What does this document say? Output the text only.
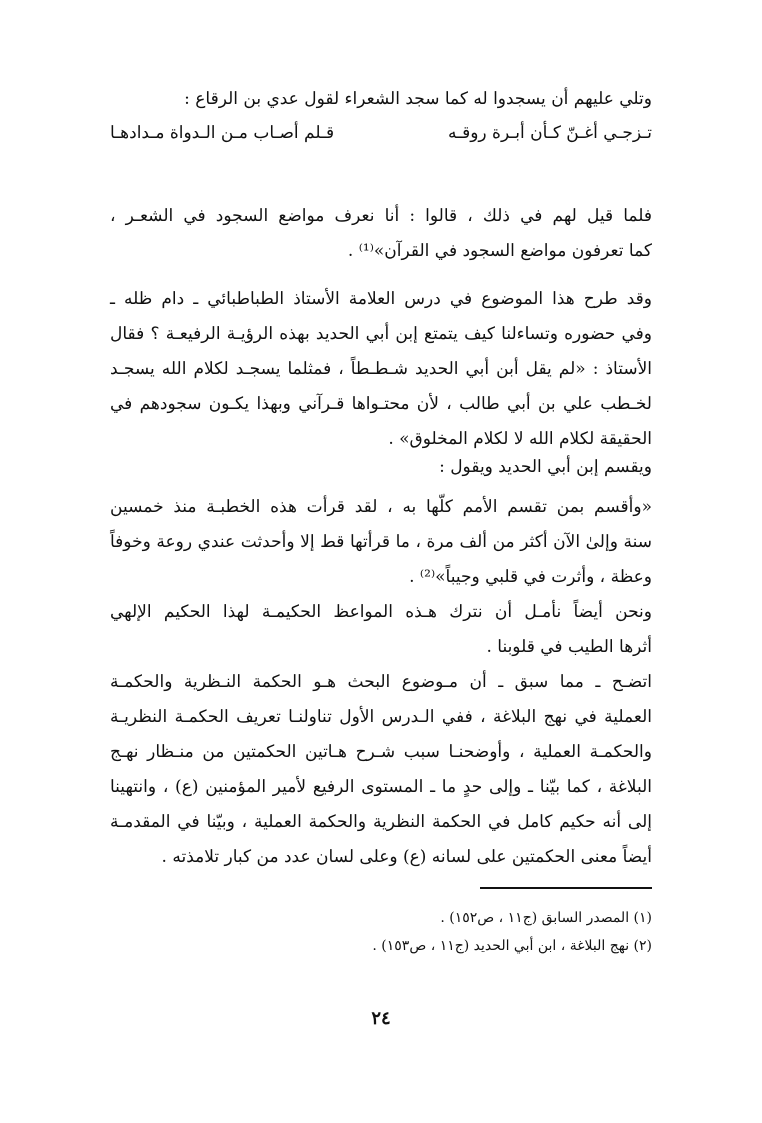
وتلي عليهم أن يسجدوا له كما سجد الشعراء لقول عدي بن الرقاع :
تـزجـي أغـنّ كـأن أبـرة روقـه
قـلم أصـاب مـن الـدواة مـدادهـا
فلما قيل لهم في ذلك ، قالوا : أنا نعرف مواضع السجود في الشعـر ،
كما تعرفون مواضع السجود في القرآن»⁽¹⁾ .
وقد طرح هذا الموضوع في درس العلامة الأستاذ الطباطبائي ـ دام ظله ـ
وفي حضوره وتساءلنا كيف يتمتع إبن أبي الحديد بهذه الرؤيـة الرفيعـة ؟ فقال
الأستاذ : «لم يقل أبن أبي الحديد شـطـطاً ، فمثلما يسجـد لكلام الله يسجـد
لخـطب علي بن أبي طالب ، لأن محتـواها قـرآني وبهذا يكـون سجودهم في
الحقيقة لكلام الله لا لكلام المخلوق» .
ويقسم إبن أبي الحديد ويقول :
«وأقسم بمن تقسم الأمم كلّها به ، لقد قرأت هذه الخطبـة منذ خمسين
سنة وإلىٰ الآن أكثر من ألف مرة ، ما قرأتها قط إلا وأحدثت عندي روعة وخوفاً
وعظة ، وأثرت في قلبي وجيباً»⁽²⁾ .
ونحن أيضاً نأمـل أن نترك هـذه المواعظ الحكيمـة لهذا الحكيم الإلهي
أثرها الطيب في قلوبنا .
اتضـح ـ مما سبق ـ أن مـوضوع البحث هـو الحكمة النـظرية والحكمـة
العملية في نهج البلاغة ، ففي الـدرس الأول تناولنـا تعريف الحكمـة النظريـة
والحكمـة العملية ، وأوضحنـا سبب شـرح هـاتين الحكمتين من منـظار نهـج
البلاغة ، كما بيّنا ـ وإلى حدٍ ما ـ المستوى الرفيع لأمير المؤمنين (ع) ، وانتهينا
إلى أنه حكيم كامل في الحكمة النظرية والحكمة العملية ، وبيّنا في المقدمـة
أيضاً معنى الحكمتين على لسانه (ع) وعلى لسان عدد من كبار تلامذته .
(١) المصدر السابق (ج١١ ، ص١٥٢) .
(٢) نهج البلاغة ، ابن أبي الحديد (ج١١ ، ص١٥٣) .
٢٤
